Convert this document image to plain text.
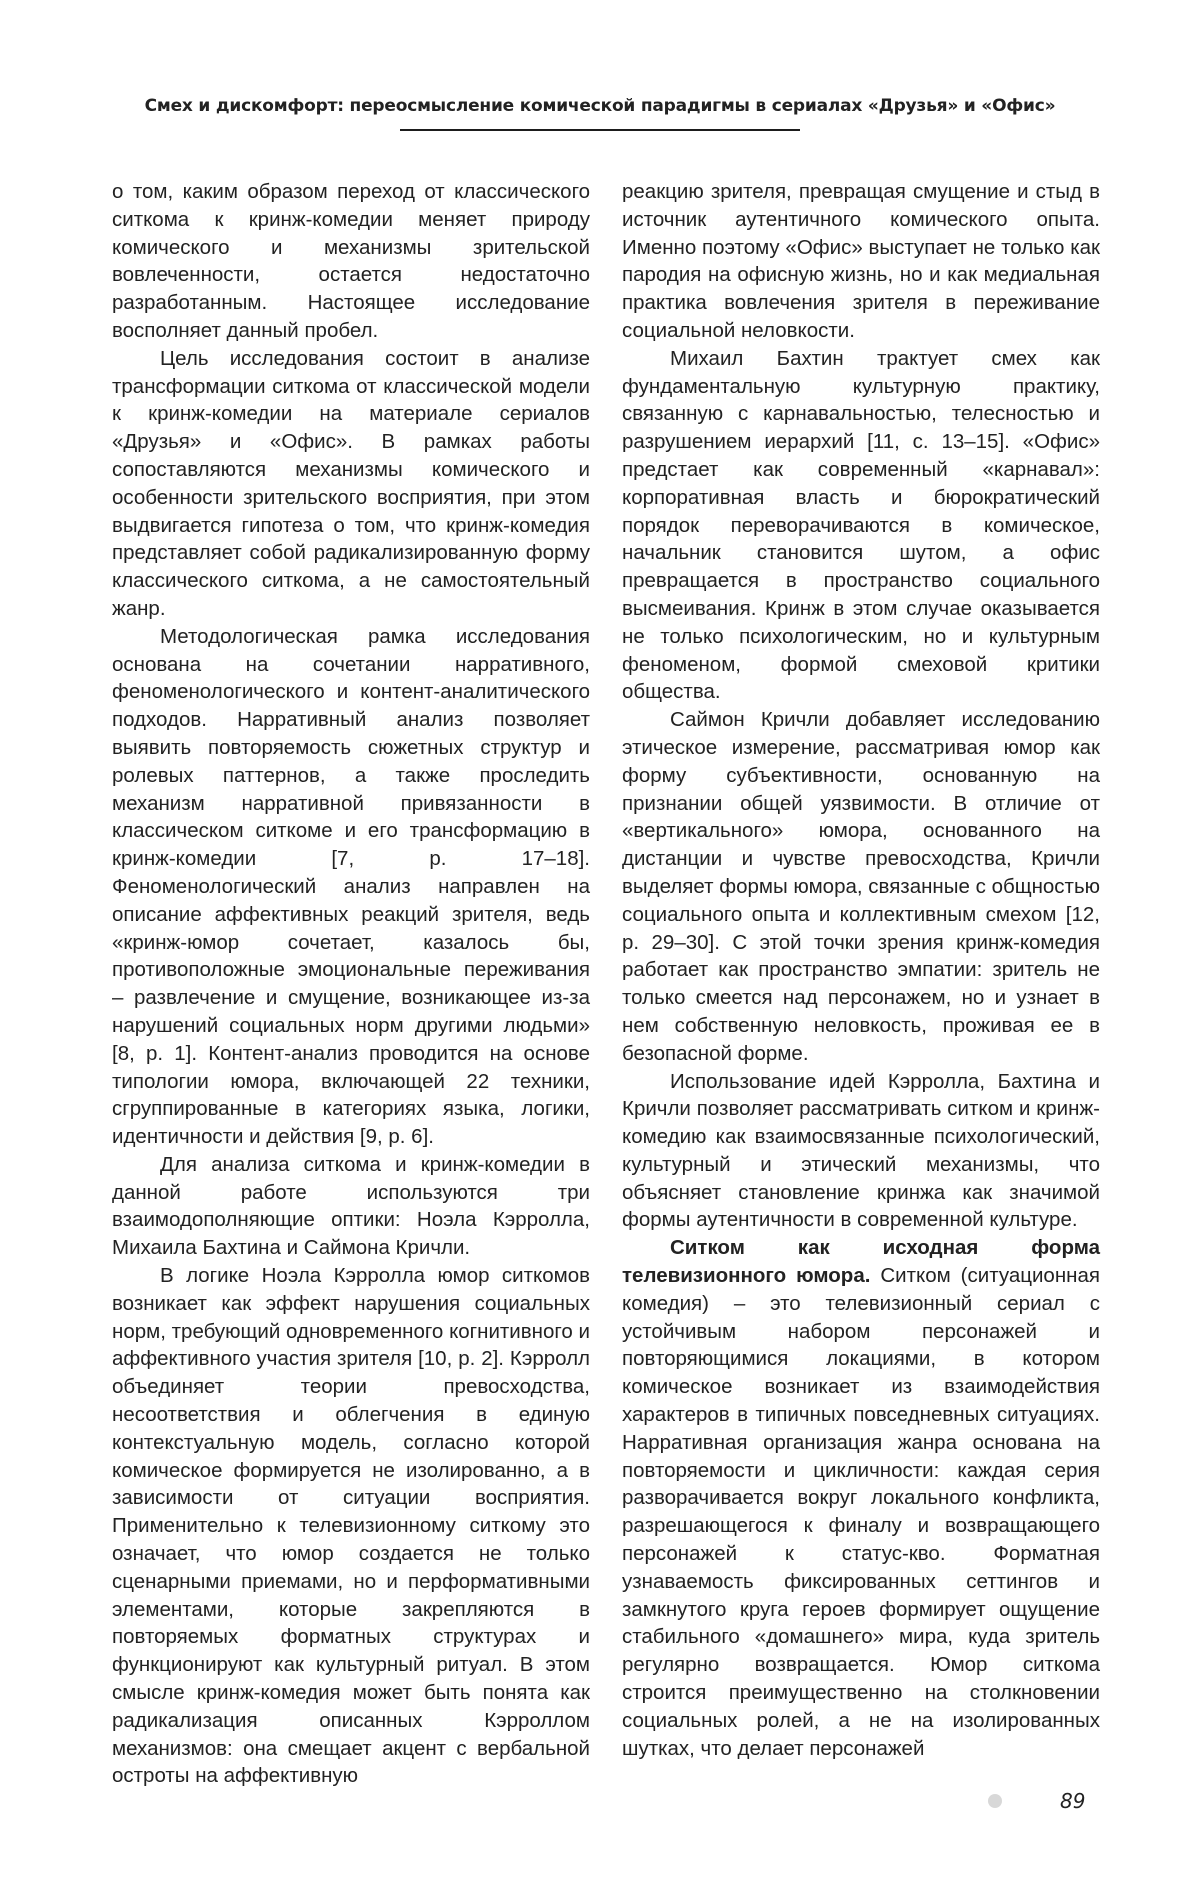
Смех и дискомфорт: переосмысление комической парадигмы в сериалах «Друзья» и «Офис»

о том, каким образом переход от классического ситкома к кринж-комедии меняет природу комического и механизмы зрительской вовлеченности, остается недостаточно разработанным. Настоящее исследование восполняет данный пробел.

Цель исследования состоит в анализе трансформации ситкома от классической модели к кринж-комедии на материале сериалов «Друзья» и «Офис». В рамках работы сопоставляются механизмы комического и особенности зрительского восприятия, при этом выдвигается гипотеза о том, что кринж-комедия представляет собой радикализированную форму классического ситкома, а не самостоятельный жанр.

Методологическая рамка исследования основана на сочетании нарративного, феноменологического и контент-аналитического подходов. Нарративный анализ позволяет выявить повторяемость сюжетных структур и ролевых паттернов, а также проследить механизм нарративной привязанности в классическом ситкоме и его трансформацию в кринж-комедии [7, p. 17–18]. Феноменологический анализ направлен на описание аффективных реакций зрителя, ведь «кринж-юмор сочетает, казалось бы, противоположные эмоциональные переживания – развлечение и смущение, возникающее из-за нарушений социальных норм другими людьми» [8, p. 1]. Контент-анализ проводится на основе типологии юмора, включающей 22 техники, сгруппированные в категориях языка, логики, идентичности и действия [9, p. 6].

Для анализа ситкома и кринж-комедии в данной работе используются три взаимодополняющие оптики: Ноэла Кэрролла, Михаила Бахтина и Саймона Кричли.

В логике Ноэла Кэрролла юмор ситкомов возникает как эффект нарушения социальных норм, требующий одновременного когнитивного и аффективного участия зрителя [10, p. 2]. Кэрролл объединяет теории превосходства, несоответствия и облегчения в единую контекстуальную модель, согласно которой комическое формируется не изолированно, а в зависимости от ситуации восприятия. Применительно к телевизионному ситкому это означает, что юмор создается не только сценарными приемами, но и перформативными элементами, которые закрепляются в повторяемых форматных структурах и функционируют как культурный ритуал. В этом смысле кринж-комедия может быть понята как радикализация описанных Кэрроллом механизмов: она смещает акцент с вербальной остроты на аффективную

реакцию зрителя, превращая смущение и стыд в источник аутентичного комического опыта. Именно поэтому «Офис» выступает не только как пародия на офисную жизнь, но и как медиальная практика вовлечения зрителя в переживание социальной неловкости.

Михаил Бахтин трактует смех как фундаментальную культурную практику, связанную с карнавальностью, телесностью и разрушением иерархий [11, с. 13–15]. «Офис» предстает как современный «карнавал»: корпоративная власть и бюрократический порядок переворачиваются в комическое, начальник становится шутом, а офис превращается в пространство социального высмеивания. Кринж в этом случае оказывается не только психологическим, но и культурным феноменом, формой смеховой критики общества.

Саймон Кричли добавляет исследованию этическое измерение, рассматривая юмор как форму субъективности, основанную на признании общей уязвимости. В отличие от «вертикального» юмора, основанного на дистанции и чувстве превосходства, Кричли выделяет формы юмора, связанные с общностью социального опыта и коллективным смехом [12, p. 29–30]. С этой точки зрения кринж-комедия работает как пространство эмпатии: зритель не только смеется над персонажем, но и узнает в нем собственную неловкость, проживая ее в безопасной форме.

Использование идей Кэрролла, Бахтина и Кричли позволяет рассматривать ситком и кринж-комедию как взаимосвязанные психологический, культурный и этический механизмы, что объясняет становление кринжа как значимой формы аутентичности в современной культуре.

Ситком как исходная форма телевизионного юмора. Ситком (ситуационная комедия) – это телевизионный сериал с устойчивым набором персонажей и повторяющимися локациями, в котором комическое возникает из взаимодействия характеров в типичных повседневных ситуациях. Нарративная организация жанра основана на повторяемости и цикличности: каждая серия разворачивается вокруг локального конфликта, разрешающегося к финалу и возвращающего персонажей к статус-кво. Форматная узнаваемость фиксированных сеттингов и замкнутого круга героев формирует ощущение стабильного «домашнего» мира, куда зритель регулярно возвращается. Юмор ситкома строится преимущественно на столкновении социальных ролей, а не на изолированных шутках, что делает персонажей

89
